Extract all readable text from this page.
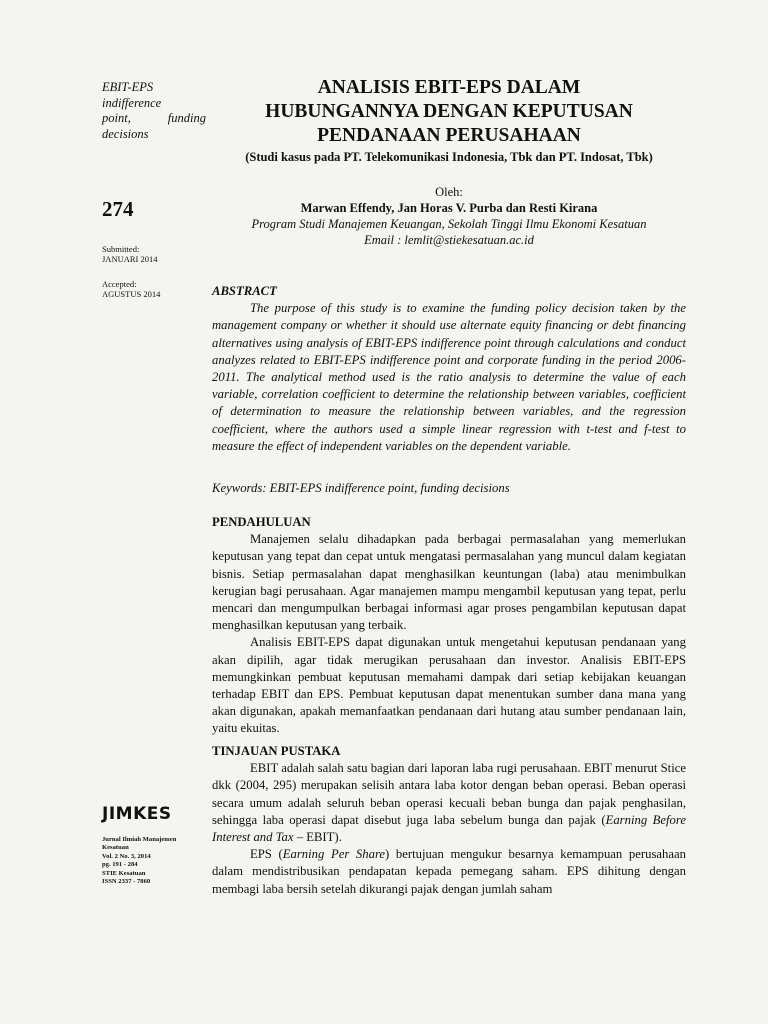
EBIT-EPS
indifference
point, funding
decisions
274
Submitted:
JANUARI 2014
Accepted:
AGUSTUS 2014
JIMKES
Jurnal Ilmiah Manajemen
Kesatuan
Vol. 2 No. 3, 2014
pg. 191 - 284
STIE Kesatuan
ISSN 2337 - 7860
ANALISIS EBIT-EPS DALAM
HUBUNGANNYA DENGAN KEPUTUSAN
PENDANAAN PERUSAHAAN
(Studi kasus pada PT. Telekomunikasi Indonesia, Tbk dan PT. Indosat, Tbk)
Oleh:
Marwan Effendy, Jan Horas V. Purba dan Resti Kirana
Program Studi Manajemen Keuangan, Sekolah Tinggi Ilmu Ekonomi Kesatuan
Email : lemlit@stiekesatuan.ac.id
ABSTRACT

The purpose of this study is to examine the funding policy decision taken by the management company or whether it should use alternate equity financing or debt financing alternatives using analysis of EBIT-EPS indifference point through calculations and conduct analyzes related to EBIT-EPS indifference point and corporate funding in the period 2006-2011. The analytical method used is the ratio analysis to determine the value of each variable, correlation coefficient to determine the relationship between variables, coefficient of determination to measure the relationship between variables, and the regression coefficient, where the authors used a simple linear regression with t-test and f-test to measure the effect of independent variables on the dependent variable.

Keywords: EBIT-EPS indifference point, funding decisions
PENDAHULUAN

Manajemen selalu dihadapkan pada berbagai permasalahan yang memerlukan keputusan yang tepat dan cepat untuk mengatasi permasalahan yang muncul dalam kegiatan bisnis. Setiap permasalahan dapat menghasilkan keuntungan (laba) atau menimbulkan kerugian bagi perusahaan. Agar manajemen mampu mengambil keputusan yang tepat, perlu mencari dan mengumpulkan berbagai informasi agar proses pengambilan keputusan dapat menghasilkan keputusan yang terbaik.

Analisis EBIT-EPS dapat digunakan untuk mengetahui keputusan pendanaan yang akan dipilih, agar tidak merugikan perusahaan dan investor. Analisis EBIT-EPS memungkinkan pembuat keputusan memahami dampak dari setiap kebijakan keuangan terhadap EBIT dan EPS. Pembuat keputusan dapat menentukan sumber dana mana yang akan digunakan, apakah memanfaatkan pendanaan dari hutang atau sumber pendanaan lain, yaitu ekuitas.

TINJAUAN PUSTAKA

EBIT adalah salah satu bagian dari laporan laba rugi perusahaan. EBIT menurut Stice dkk (2004, 295) merupakan selisih antara laba kotor dengan beban operasi. Beban operasi secara umum adalah seluruh beban operasi kecuali beban bunga dan pajak penghasilan, sehingga laba operasi dapat disebut juga laba sebelum bunga dan pajak (Earning Before Interest and Tax – EBIT).

EPS (Earning Per Share) bertujuan mengukur besarnya kemampuan perusahaan dalam mendistribusikan pendapatan kepada pemegang saham. EPS dihitung dengan membagi laba bersih setelah dikurangi pajak dengan jumlah saham
